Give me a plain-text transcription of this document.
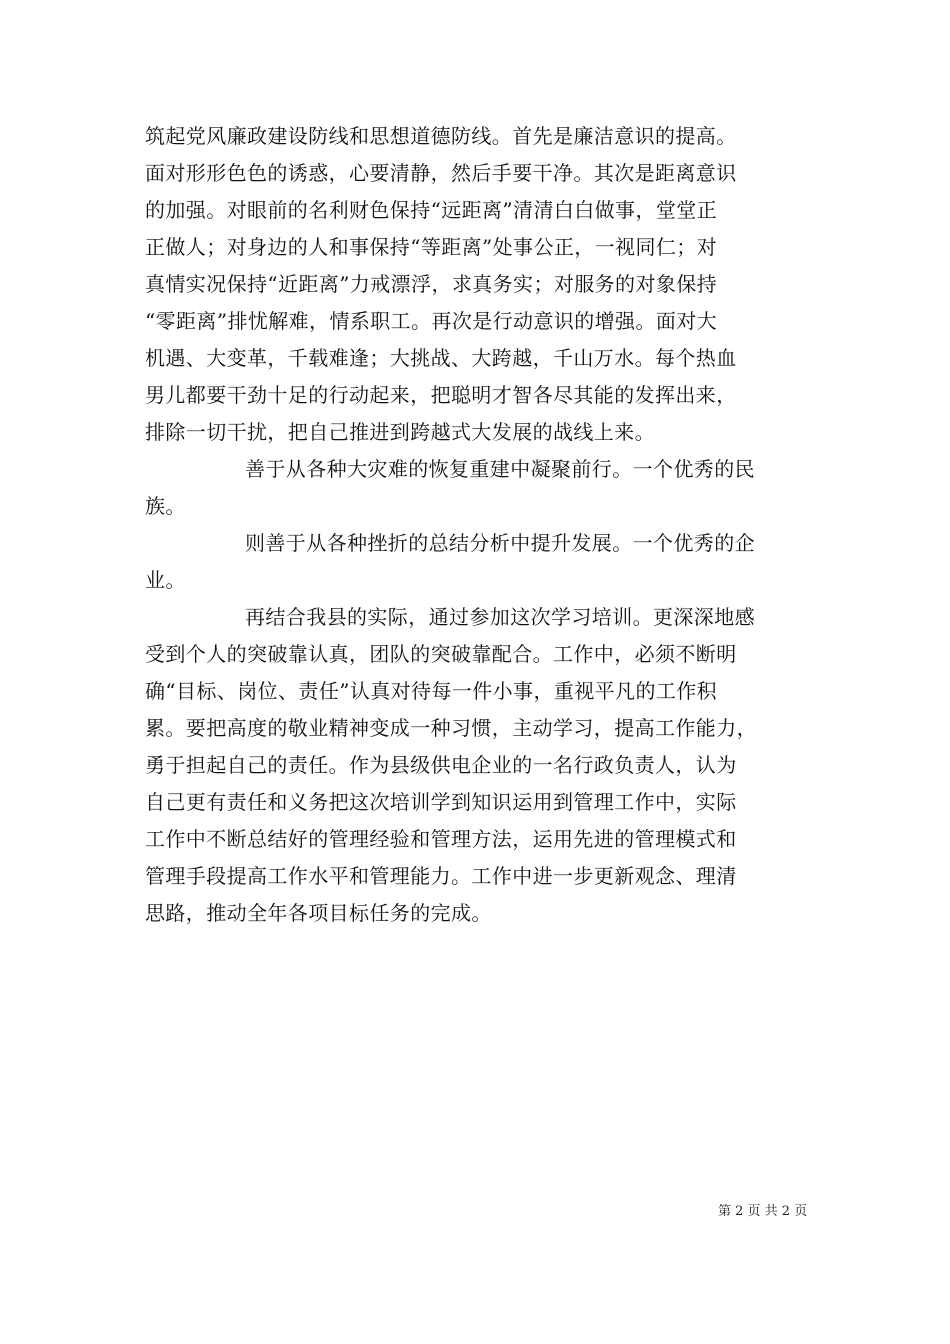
筑起党风廉政建设防线和思想道德防线。首先是廉洁意识的提高。
面对形形色色的诱惑，心要清静，然后手要干净。其次是距离意识
的加强。对眼前的名利财色保持“远距离”清清白白做事，堂堂正
正做人；对身边的人和事保持“等距离”处事公正，一视同仁；对
真情实况保持“近距离”力戒漂浮，求真务实；对服务的对象保持
“零距离”排忧解难，情系职工。再次是行动意识的增强。面对大
机遇、大变革，千载难逢；大挑战、大跨越，千山万水。每个热血
男儿都要干劲十足的行动起来，把聪明才智各尽其能的发挥出来，
排除一切干扰，把自己推进到跨越式大发展的战线上来。
善于从各种大灾难的恢复重建中凝聚前行。一个优秀的民
族。
则善于从各种挫折的总结分析中提升发展。一个优秀的企
业。
再结合我县的实际，通过参加这次学习培训。更深深地感
受到个人的突破靠认真，团队的突破靠配合。工作中，必须不断明
确“目标、岗位、责任”认真对待每一件小事，重视平凡的工作积
累。要把高度的敬业精神变成一种习惯，主动学习，提高工作能力，
勇于担起自己的责任。作为县级供电企业的一名行政负责人，认为
自己更有责任和义务把这次培训学到知识运用到管理工作中，实际
工作中不断总结好的管理经验和管理方法，运用先进的管理模式和
管理手段提高工作水平和管理能力。工作中进一步更新观念、理清
思路，推动全年各项目标任务的完成。
第 2 页 共 2 页
